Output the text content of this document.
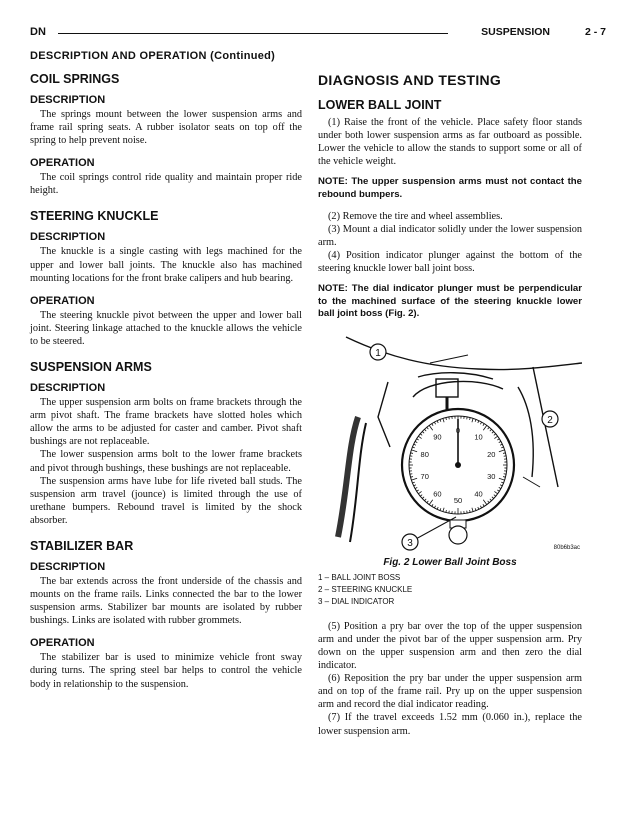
DN	SUSPENSION	2 - 7
DESCRIPTION AND OPERATION (Continued)
COIL SPRINGS
DESCRIPTION

The springs mount between the lower suspension arms and frame rail spring seats. A rubber isolator seats on top off the spring to help prevent noise.

OPERATION

The coil springs control ride quality and maintain proper ride height.

STEERING KNUCKLE
DESCRIPTION

The knuckle is a single casting with legs machined for the upper and lower ball joints. The knuckle also has machined mounting locations for the front brake calipers and hub bearing.

OPERATION

The steering knuckle pivot between the upper and lower ball joint. Steering linkage attached to the knuckle allows the vehicle to be steered.

SUSPENSION ARMS
DESCRIPTION

The upper suspension arm bolts on frame brackets through the arm pivot shaft. The frame brackets have slotted holes which allow the arms to be adjusted for caster and camber. Pivot shaft bushings are not replaceable.

The lower suspension arms bolt to the lower frame brackets and pivot through bushings, these bushings are not replaceable.

The suspension arms have lube for life riveted ball studs. The suspension arm travel (jounce) is limited through the use of urethane bumpers. Rebound travel is limited by the shock absorber.

STABILIZER BAR
DESCRIPTION

The bar extends across the front underside of the chassis and mounts on the frame rails. Links connected the bar to the lower suspension arms. Stabilizer bar mounts are isolated by rubber bushings. Links are isolated with rubber grommets.

OPERATION

The stabilizer bar is used to minimize vehicle front sway during turns. The spring steel bar helps to control the vehicle body in relationship to the suspension.

DIAGNOSIS AND TESTING
LOWER BALL JOINT

(1) Raise the front of the vehicle. Place safety floor stands under both lower suspension arms as far outboard as possible. Lower the vehicle to allow the stands to support some or all of the vehicle weight.

NOTE: The upper suspension arms must not contact the rebound bumpers.

(2) Remove the tire and wheel assemblies.

(3) Mount a dial indicator solidly under the lower suspension arm.

(4) Position indicator plunger against the bottom of the steering knuckle lower ball joint boss.

NOTE: The dial indicator plunger must be perpendicular to the machined surface of the steering knuckle lower ball joint boss (Fig. 2).
0
10
20
30
40
50
60
70
80
90
1
2
3	80b6b3ac
Fig. 2 Lower Ball Joint Boss
1 – BALL JOINT BOSS
2 – STEERING KNUCKLE
3 – DIAL INDICATOR

(5) Position a pry bar over the top of the upper suspension arm and under the pivot bar of the upper suspension arm. Pry down on the upper suspension arm and then zero the dial indicator.

(6) Reposition the pry bar under the upper suspension arm and on top of the frame rail. Pry up on the upper suspension arm and record the dial indicator reading.

(7) If the travel exceeds 1.52 mm (0.060 in.), replace the lower suspension arm.
